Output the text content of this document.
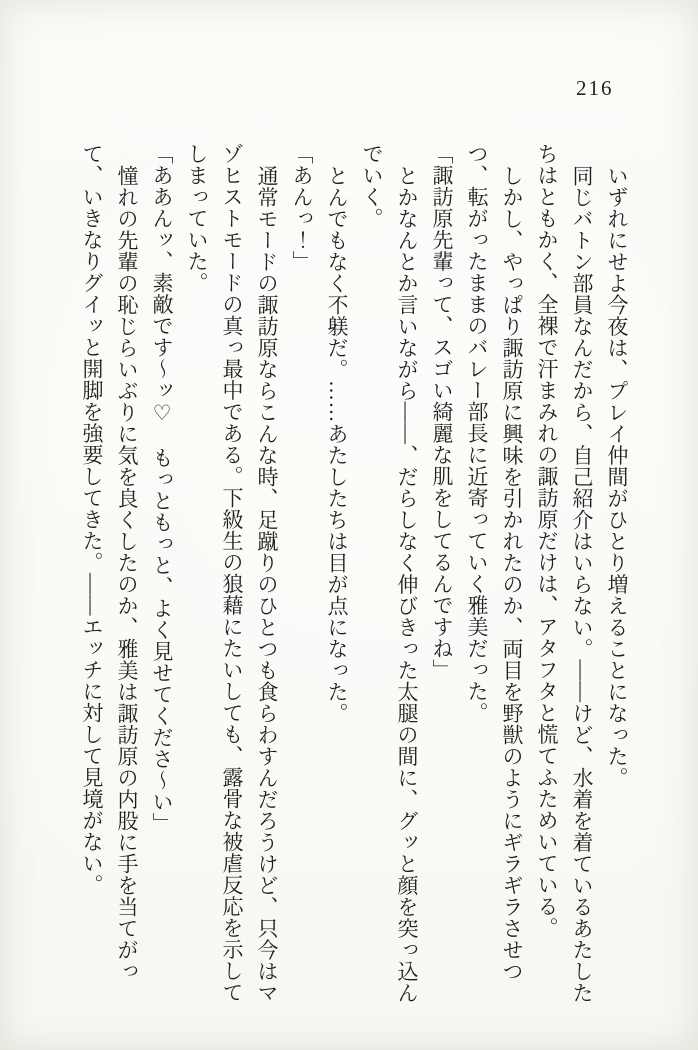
216

いずれにせよ今夜は、プレイ仲間がひとり増えることになった。

同じバトン部員なんだから、自己紹介はいらない。――けど、水着を着ているあたしたちはともかく、全裸で汗まみれの諏訪原だけは、アタフタと慌てふためいている。

しかし、やっぱり諏訪原に興味を引かれたのか、両目を野獣のようにギラギラさせつつ、転がったままのバレー部長に近寄っていく雅美だった。

「諏訪原先輩って、スゴい綺麗な肌をしてるんですね」

とかなんとか言いながら――、だらしなく伸びきった太腿の間に、グッと顔を突っ込んでいく。

とんでもなく不躾だ。……あたしたちは目が点になった。

「あんっ！」

通常モードの諏訪原ならこんな時、足蹴りのひとつも食らわすんだろうけど、只今はマゾヒストモードの真っ最中である。下級生の狼藉にたいしても、露骨な被虐反応を示してしまっていた。

「ああんッ、素敵です〜ッ♡　もっともっと、よく見せてくださ〜い」

憧れの先輩の恥じらいぶりに気を良くしたのか、雅美は諏訪原の内股に手を当てがって、いきなりグイッと開脚を強要してきた。――エッチに対して見境がない。
